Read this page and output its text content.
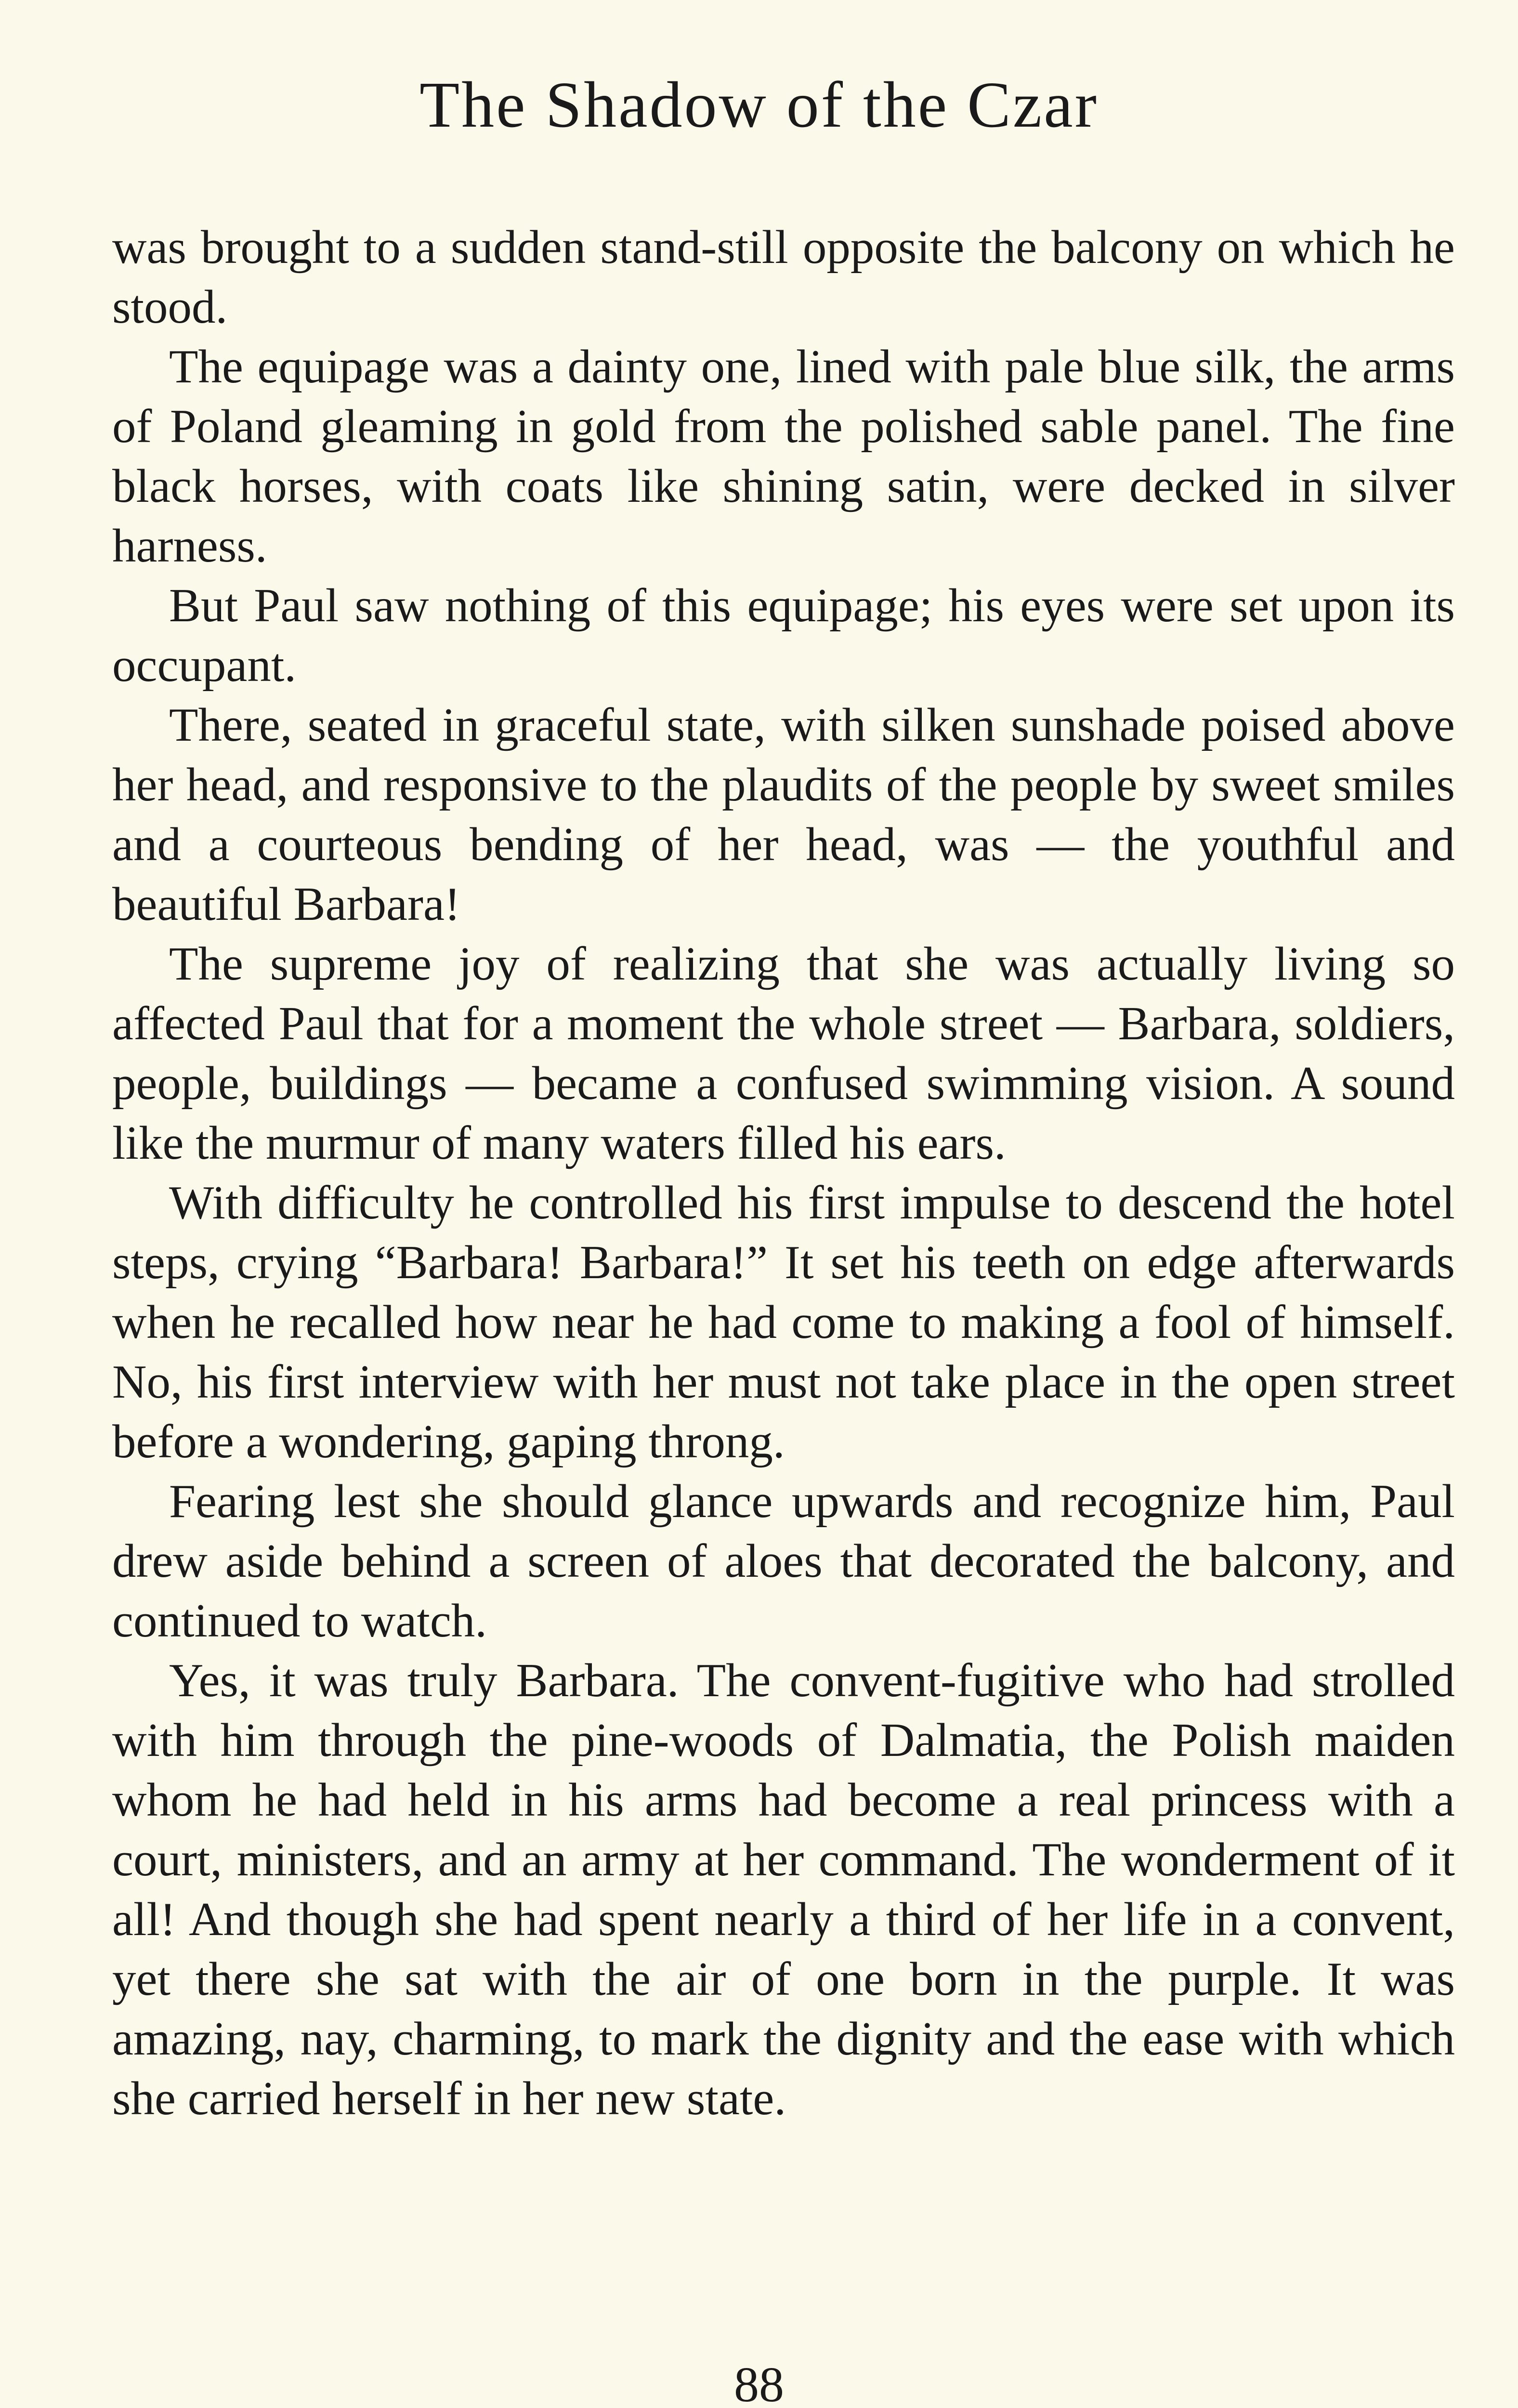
The Shadow of the Czar

was brought to a sudden stand-still opposite the balcony on which he stood.

The equipage was a dainty one, lined with pale blue silk, the arms of Poland gleaming in gold from the polished sable panel. The fine black horses, with coats like shining satin, were decked in silver harness.

But Paul saw nothing of this equipage; his eyes were set upon its occupant.

There, seated in graceful state, with silken sunshade poised above her head, and responsive to the plaudits of the people by sweet smiles and a courteous bending of her head, was — the youthful and beautiful Barbara!

The supreme joy of realizing that she was actually living so affected Paul that for a moment the whole street — Barbara, soldiers, people, buildings — became a confused swimming vision. A sound like the murmur of many waters filled his ears.

With difficulty he controlled his first impulse to descend the hotel steps, crying “Barbara! Barbara!” It set his teeth on edge afterwards when he recalled how near he had come to making a fool of himself. No, his first interview with her must not take place in the open street before a wondering, gaping throng.

Fearing lest she should glance upwards and recognize him, Paul drew aside behind a screen of aloes that decorated the balcony, and continued to watch.

Yes, it was truly Barbara. The convent-fugitive who had strolled with him through the pine-woods of Dalmatia, the Polish maiden whom he had held in his arms had become a real princess with a court, ministers, and an army at her command. The wonderment of it all! And though she had spent nearly a third of her life in a convent, yet there she sat with the air of one born in the purple. It was amazing, nay, charming, to mark the dignity and the ease with which she carried herself in her new state.

88
